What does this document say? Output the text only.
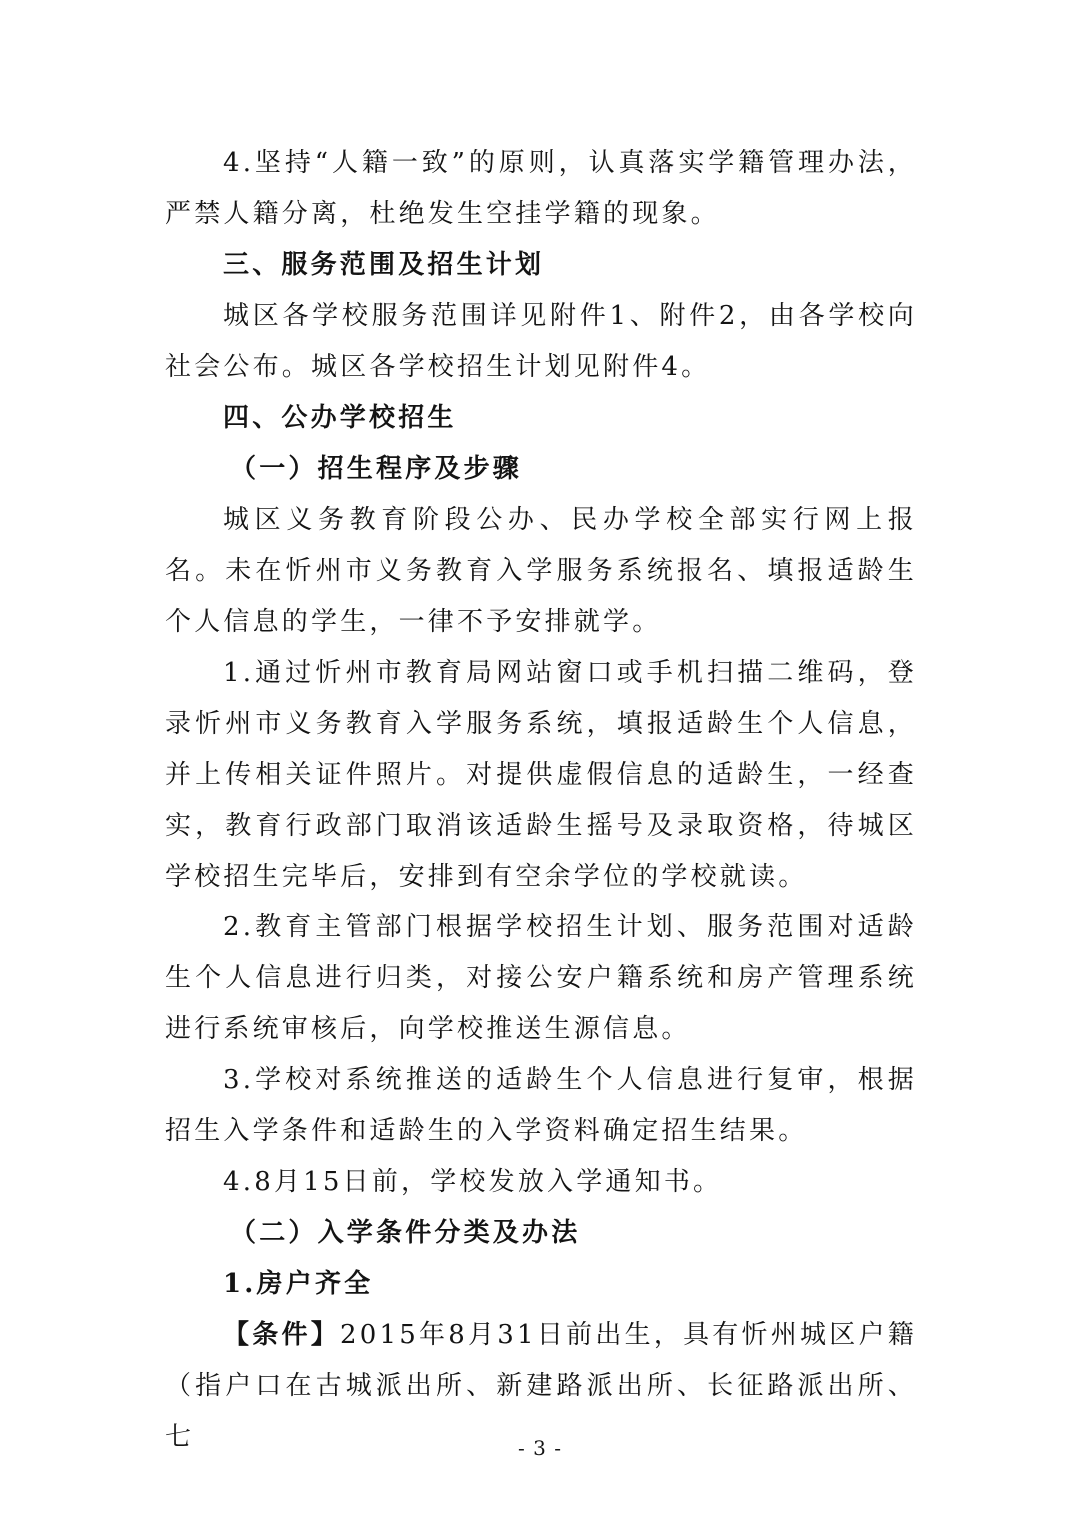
4.坚持“人籍一致”的原则，认真落实学籍管理办法，严禁人籍分离，杜绝发生空挂学籍的现象。

三、服务范围及招生计划

城区各学校服务范围详见附件1、附件2，由各学校向社会公布。城区各学校招生计划见附件4。

四、公办学校招生
（一）招生程序及步骤

城区义务教育阶段公办、民办学校全部实行网上报名。未在忻州市义务教育入学服务系统报名、填报适龄生个人信息的学生，一律不予安排就学。

1.通过忻州市教育局网站窗口或手机扫描二维码，登录忻州市义务教育入学服务系统，填报适龄生个人信息，并上传相关证件照片。对提供虚假信息的适龄生，一经查实，教育行政部门取消该适龄生摇号及录取资格，待城区学校招生完毕后，安排到有空余学位的学校就读。

2.教育主管部门根据学校招生计划、服务范围对适龄生个人信息进行归类，对接公安户籍系统和房产管理系统进行系统审核后，向学校推送生源信息。

3.学校对系统推送的适龄生个人信息进行复审，根据招生入学条件和适龄生的入学资料确定招生结果。

4.8月15日前，学校发放入学通知书。

（二）入学条件分类及办法
1.房户齐全

【条件】2015年8月31日前出生，具有忻州城区户籍（指户口在古城派出所、新建路派出所、长征路派出所、七	- 3 -
